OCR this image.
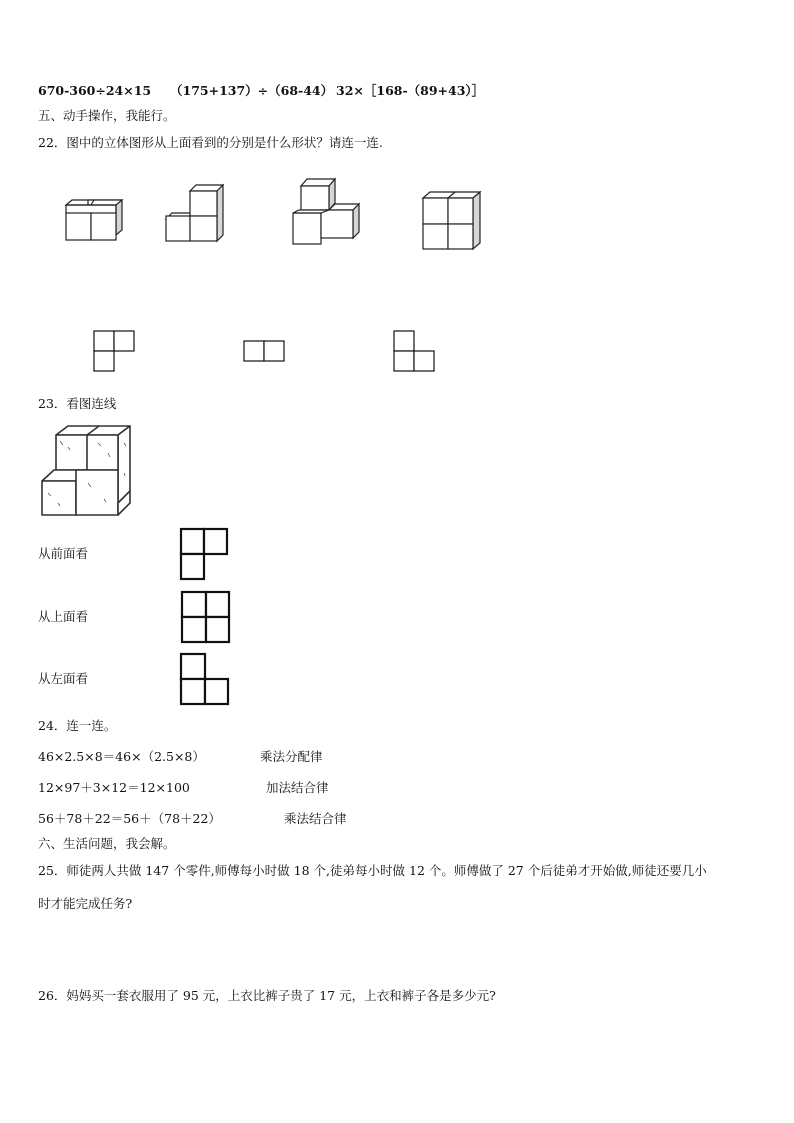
670-360÷24×15 （175+137）÷（68-44） 32×［168-（89+43）］
五、动手操作，我能行。
22．图中的立体图形从上面看到的分别是什么形状？请连一连.
23．看图连线
从前面看
从上面看
从左面看
24．连一连。
46×2.5×8＝46×（2.5×8）	乘法分配律
12×97＋3×12＝12×100	加法结合律
56＋78＋22＝56＋（78＋22）	乘法结合律
六、生活问题，我会解。
25．师徒两人共做 147 个零件,师傅每小时做 18 个,徒弟每小时做 12 个。师傅做了 27 个后徒弟才开始做,师徒还要几小
时才能完成任务?
26．妈妈买一套衣服用了 95 元，上衣比裤子贵了 17 元，上衣和裤子各是多少元?
